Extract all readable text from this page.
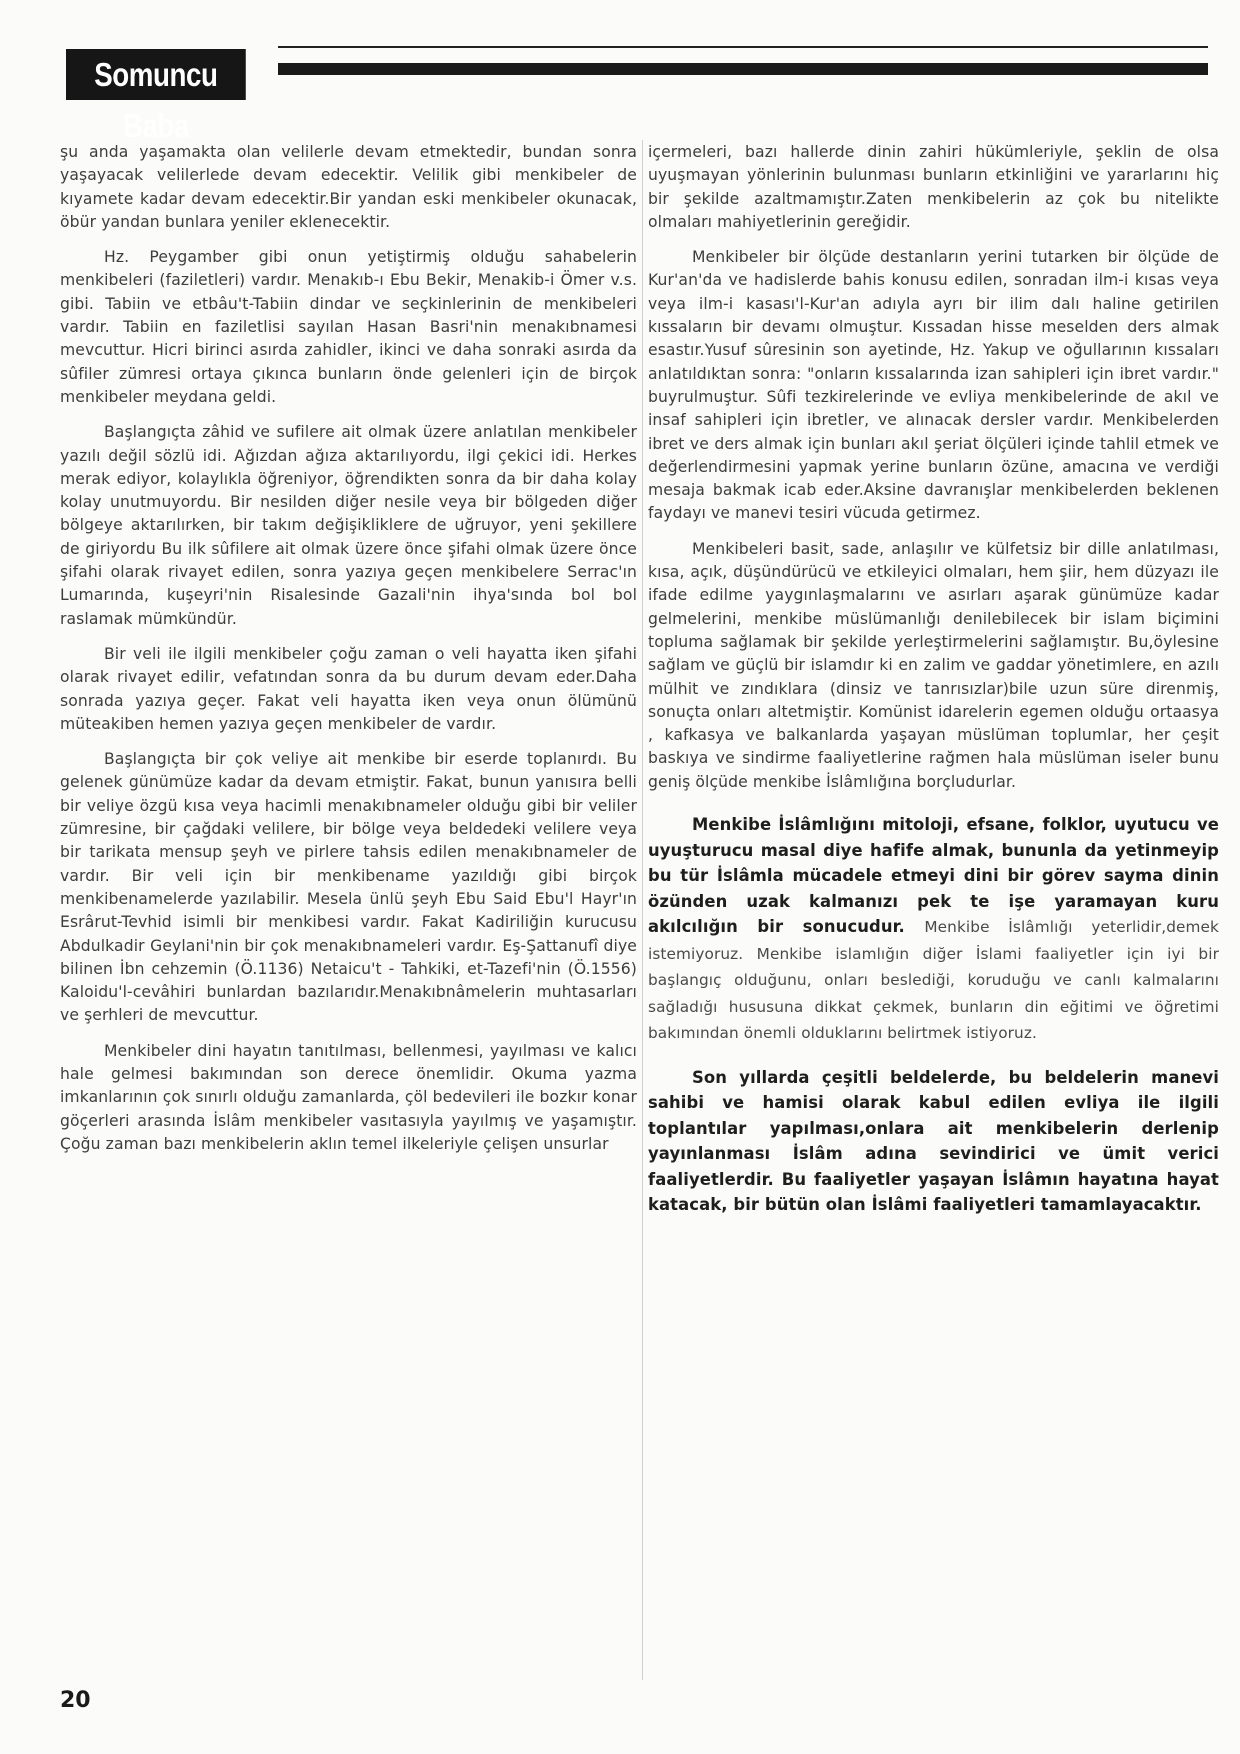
Somuncu Baba

şu anda yaşamakta olan velilerle devam etmektedir, bundan sonra yaşayacak velilerlede devam edecektir. Velilik gibi menkibeler de kıyamete kadar devam edecektir.Bir yandan eski menkibeler okunacak, öbür yandan bunlara yeniler eklenecektir.

Hz. Peygamber gibi onun yetiştirmiş olduğu sahabelerin menkibeleri (faziletleri) vardır. Menakıb-ı Ebu Bekir, Menakib-i Ömer v.s. gibi. Tabiin ve etbâu't-Tabiin dindar ve seçkinlerinin de menkibeleri vardır. Tabiin en faziletlisi sayılan Hasan Basri'nin menakıbnamesi mevcuttur. Hicri birinci asırda zahidler, ikinci ve daha sonraki asırda da sûfiler zümresi ortaya çıkınca bunların önde gelenleri için de birçok menkibeler meydana geldi.

Başlangıçta zâhid ve sufilere ait olmak üzere anlatılan menkibeler yazılı değil sözlü idi. Ağızdan ağıza aktarılıyordu, ilgi çekici idi. Herkes merak ediyor, kolaylıkla öğreniyor, öğrendikten sonra da bir daha kolay kolay unutmuyordu. Bir nesilden diğer nesile veya bir bölgeden diğer bölgeye aktarılırken, bir takım değişikliklere de uğruyor, yeni şekillere de giriyordu Bu ilk sûfilere ait olmak üzere önce şifahi olmak üzere önce şifahi olarak rivayet edilen, sonra yazıya geçen menkibelere Serrac'ın Lumarında, kuşeyri'nin Risalesinde Gazali'nin ihya'sında bol bol raslamak mümkündür.

Bir veli ile ilgili menkibeler çoğu zaman o veli hayatta iken şifahi olarak rivayet edilir, vefatından sonra da bu durum devam eder.Daha sonrada yazıya geçer. Fakat veli hayatta iken veya onun ölümünü müteakiben hemen yazıya geçen menkibeler de vardır.

Başlangıçta bir çok veliye ait menkibe bir eserde toplanırdı. Bu gelenek günümüze kadar da devam etmiştir. Fakat, bunun yanısıra belli bir veliye özgü kısa veya hacimli menakıbnameler olduğu gibi bir veliler zümresine, bir çağdaki velilere, bir bölge veya beldedeki velilere veya bir tarikata mensup şeyh ve pirlere tahsis edilen menakıbnameler de vardır. Bir veli için bir menkibename yazıldığı gibi birçok menkibenamelerde yazılabilir. Mesela ünlü şeyh Ebu Said Ebu'l Hayr'ın Esrârut-Tevhid isimli bir menkibesi vardır. Fakat Kadiriliğin kurucusu Abdulkadir Geylani'nin bir çok menakıbnameleri vardır. Eş-Şattanufî diye bilinen İbn cehzemin (Ö.1136) Netaicu't - Tahkiki, et-Tazefi'nin (Ö.1556) Kaloidu'l-cevâhiri bunlardan bazılarıdır.Menakıbnâmelerin muhtasarları ve şerhleri de mevcuttur.

Menkibeler dini hayatın tanıtılması, bellenmesi, yayılması ve kalıcı hale gelmesi bakımından son derece önemlidir. Okuma yazma imkanlarının çok sınırlı olduğu zamanlarda, çöl bedevileri ile bozkır konar göçerleri arasında İslâm menkibeler vasıtasıyla yayılmış ve yaşamıştır. Çoğu zaman bazı menkibelerin aklın temel ilkeleriyle çelişen unsurlar

içermeleri, bazı hallerde dinin zahiri hükümleriyle, şeklin de olsa uyuşmayan yönlerinin bulunması bunların etkinliğini ve yararlarını hiç bir şekilde azaltmamıştır.Zaten menkibelerin az çok bu nitelikte olmaları mahiyetlerinin gereğidir.

Menkibeler bir ölçüde destanların yerini tutarken bir ölçüde de Kur'an'da ve hadislerde bahis konusu edilen, sonradan ilm-i kısas veya veya ilm-i kasası'l-Kur'an adıyla ayrı bir ilim dalı haline getirilen kıssaların bir devamı olmuştur. Kıssadan hisse meselden ders almak esastır.Yusuf sûresinin son ayetinde, Hz. Yakup ve oğullarının kıssaları anlatıldıktan sonra: "onların kıssalarında izan sahipleri için ibret vardır." buyrulmuştur. Sûfi tezkirelerinde ve evliya menkibelerinde de akıl ve insaf sahipleri için ibretler, ve alınacak dersler vardır. Menkibelerden ibret ve ders almak için bunları akıl şeriat ölçüleri içinde tahlil etmek ve değerlendirmesini yapmak yerine bunların özüne, amacına ve verdiği mesaja bakmak icab eder.Aksine davranışlar menkibelerden beklenen faydayı ve manevi tesiri vücuda getirmez.

Menkibeleri basit, sade, anlaşılır ve külfetsiz bir dille anlatılması, kısa, açık, düşündürücü ve etkileyici olmaları, hem şiir, hem düzyazı ile ifade edilme yaygınlaşmalarını ve asırları aşarak günümüze kadar gelmelerini, menkibe müslümanlığı denilebilecek bir islam biçimini topluma sağlamak bir şekilde yerleştirmelerini sağlamıştır. Bu,öylesine sağlam ve güçlü bir islamdır ki en zalim ve gaddar yönetimlere, en azılı mülhit ve zındıklara (dinsiz ve tanrısızlar)bile uzun süre direnmiş, sonuçta onları altetmiştir. Komünist idarelerin egemen olduğu ortaasya , kafkasya ve balkanlarda yaşayan müslüman toplumlar, her çeşit baskıya ve sindirme faaliyetlerine rağmen hala müslüman iseler bunu geniş ölçüde menkibe İslâmlığına borçludurlar.

Menkibe İslâmlığını mitoloji, efsane, folklor, uyutucu ve uyuşturucu masal diye hafife almak, bununla da yetinmeyip bu tür İslâmla mücadele etmeyi dini bir görev sayma dinin özünden uzak kalmanızı pek te işe yaramayan kuru akılcılığın bir sonucudur. Menkibe İslâmlığı yeterlidir,demek istemiyoruz. Menkibe islamlığın diğer İslami faaliyetler için iyi bir başlangıç olduğunu, onları beslediği, koruduğu ve canlı kalmalarını sağladığı hususuna dikkat çekmek, bunların din eğitimi ve öğretimi bakımından önemli olduklarını belirtmek istiyoruz.

Son yıllarda çeşitli beldelerde, bu beldelerin manevi sahibi ve hamisi olarak kabul edilen evliya ile ilgili toplantılar yapılması,onlara ait menkibelerin derlenip yayınlanması İslâm adına sevindirici ve ümit verici faaliyetlerdir. Bu faaliyetler yaşayan İslâmın hayatına hayat katacak, bir bütün olan İslâmi faaliyetleri tamamlayacaktır.

20
